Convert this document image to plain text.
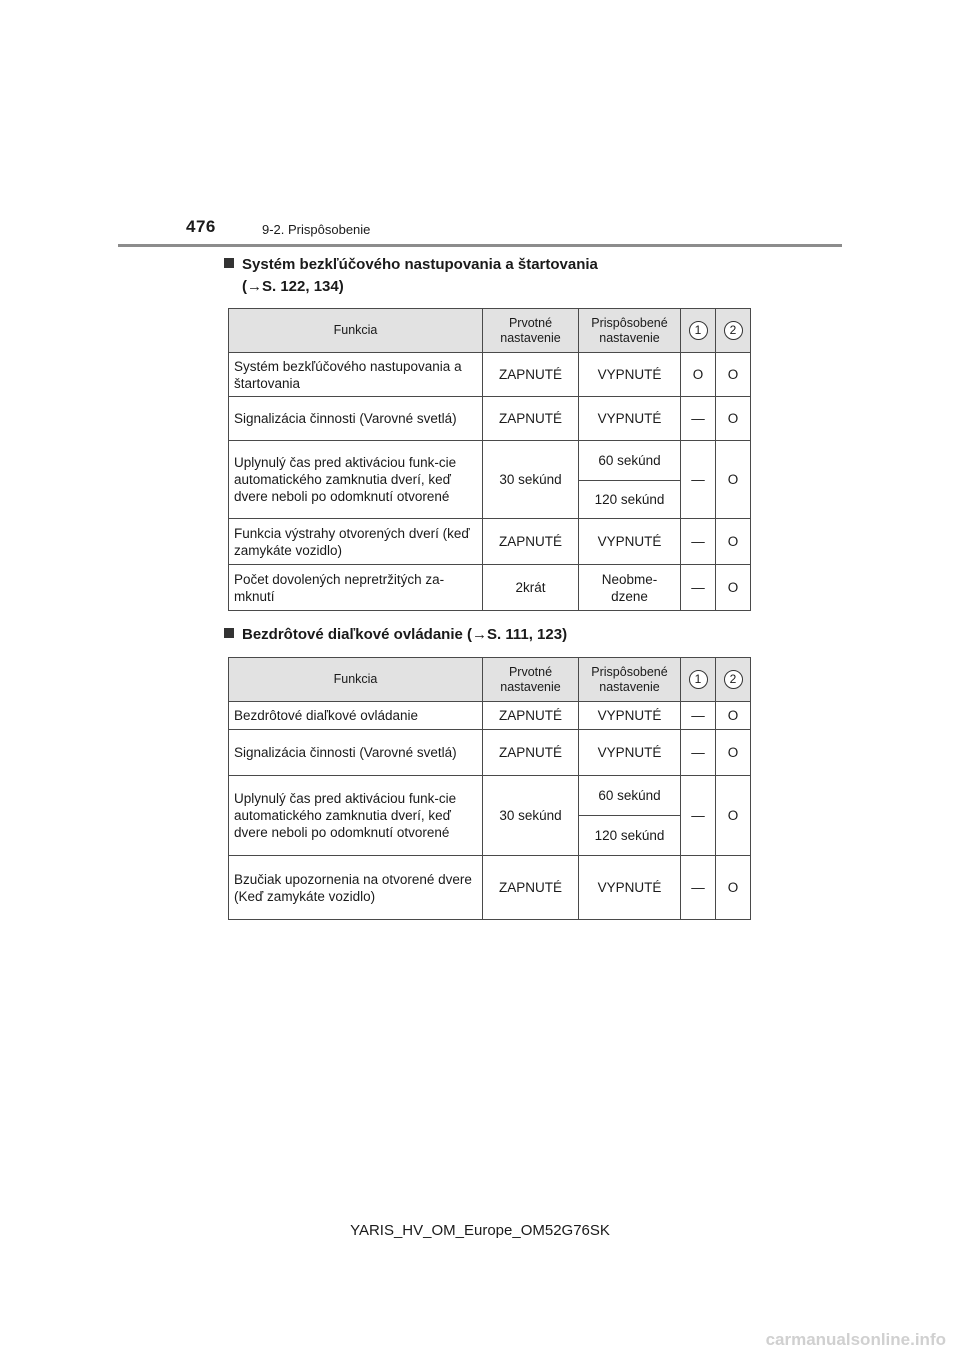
476	9-2. Prispôsobenie
Systém bezkľúčového nastupovania a štartovania
(→S. 122, 134)
Funkcia	Prvotné nastavenie	Prispôsobené nastavenie	1	2
Systém bezkľúčového nastupovania a štartovania	ZAPNUTÉ	VYPNUTÉ	O	O
Signalizácia činnosti (Varovné svetlá)	ZAPNUTÉ	VYPNUTÉ	—	O
Uplynulý čas pred aktiváciou funk-cie automatického zamknutia dverí, keď dvere neboli po odomknutí otvorené	30 sekúnd	60 sekúnd	—	O
		120 sekúnd		
Funkcia výstrahy otvorených dverí (keď zamykáte vozidlo)	ZAPNUTÉ	VYPNUTÉ	—	O
Počet dovolených nepretržitých za-mknutí	2krát	Neobme-dzene	—	O
Bezdrôtové diaľkové ovládanie (→S. 111, 123)
Funkcia	Prvotné nastavenie	Prispôsobené nastavenie	1	2
Bezdrôtové diaľkové ovládanie	ZAPNUTÉ	VYPNUTÉ	—	O
Signalizácia činnosti (Varovné svetlá)	ZAPNUTÉ	VYPNUTÉ	—	O
Uplynulý čas pred aktiváciou funk-cie automatického zamknutia dverí, keď dvere neboli po odomknutí otvorené	30 sekúnd	60 sekúnd	—	O
		120 sekúnd		
Bzučiak upozornenia na otvorené dvere (Keď zamykáte vozidlo)	ZAPNUTÉ	VYPNUTÉ	—	O
YARIS_HV_OM_Europe_OM52G76SK
carmanualsonline.info
